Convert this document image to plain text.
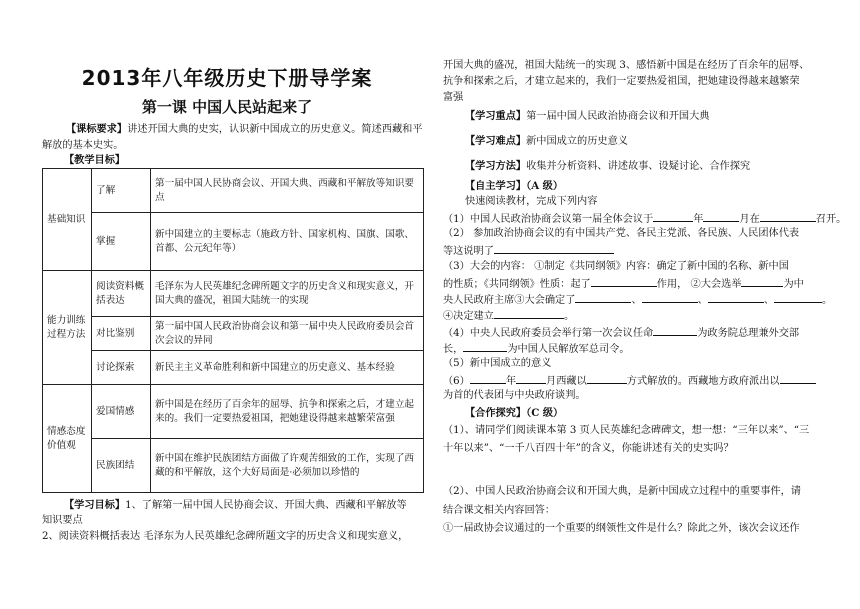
2013年八年级历史下册导学案
第一课 中国人民站起来了
【课标要求】讲述开国大典的史实，认识新中国成立的历史意义。简述西藏和平解放的基本史实。
【教学目标】
基础知识	了解	第一届中国人民协商会议、开国大典、西藏和平解放等知识要点
	掌握	新中国建立的主要标志（施政方针、国家机构、国旗、国歌、首都、公元纪年等）
能力训练过程方法	阅读资料概括表达	毛泽东为人民英雄纪念碑所题文字的历史含义和现实意义，开国大典的盛况，祖国大陆统一的实现
	对比鉴别	第一届中国人民政治协商会议和第一届中央人民政府委员会首次会议的异同
	讨论探索	新民主主义革命胜利和新中国建立的历史意义、基本经验
情感态度价值观	爱国情感	新中国是在经历了百余年的屈辱、抗争和探索之后，才建立起来的。我们一定要热爱祖国，把她建设得越来越繁荣富强
	民族团结	新中国在维护民族团结方面做了许观苦细致的工作，实现了西藏的和平解放，这个大好局面是·必须加以珍惜的
【学习目标】1、了解第一届中国人民协商会议、开国大典、西藏和平解放等
知识要点
2、阅读资料概括表达 毛泽东为人民英雄纪念碑所题文字的历史含义和现实意义，
开国大典的盛况，祖国大陆统一的实现 3、感悟新中国是在经历了百余年的屈辱、
抗争和探索之后，才建立起来的，我们一定要热爱祖国，把她建设得越来越繁荣
富强
【学习重点】第一届中国人民政治协商会议和开国大典
【学习难点】新中国成立的历史意义
【学习方法】收集并分析资料、讲述故事、设疑讨论、合作探究
【自主学习】（A 级）
快速阅读教材，完成下列内容
（1）中国人民政治协商会议第一届全体会议于	年	月在	召开。
（2） 参加政治协商会议的有中国共产党、各民主党派、各民族、人民团体代表
等这说明了
（3）大会的内容： ①制定《共同纲领》内容：确定了新中国的名称、新中国
的性质；《共同纲领》性质：起了	作用， ②大会选举	为中
央人民政府主席③大会确定了	、	、	、	。
④决定建立	。
（4）中央人民政府委员会举行第一次会议任命	为政务院总理兼外交部
长，	为中国人民解放军总司令。
（5）新中国成立的意义
（6）	年	月西藏以	方式解放的。西藏地方政府派出以
为首的代表团与中央政府谈判。
【合作探究】（C 级）
（1）、请同学们阅读课本第 3 页人民英雄纪念碑碑文，想一想：“三年以来”、“三
十年以来”、“一千八百四十年”的含义，你能讲述有关的史实吗？
（2）、中国人民政治协商会议和开国大典，是新中国成立过程中的重要事件，请
结合课文相关内容回答：
①一届政协会议通过的一个重要的纲领性文件是什么？除此之外，该次会议还作
